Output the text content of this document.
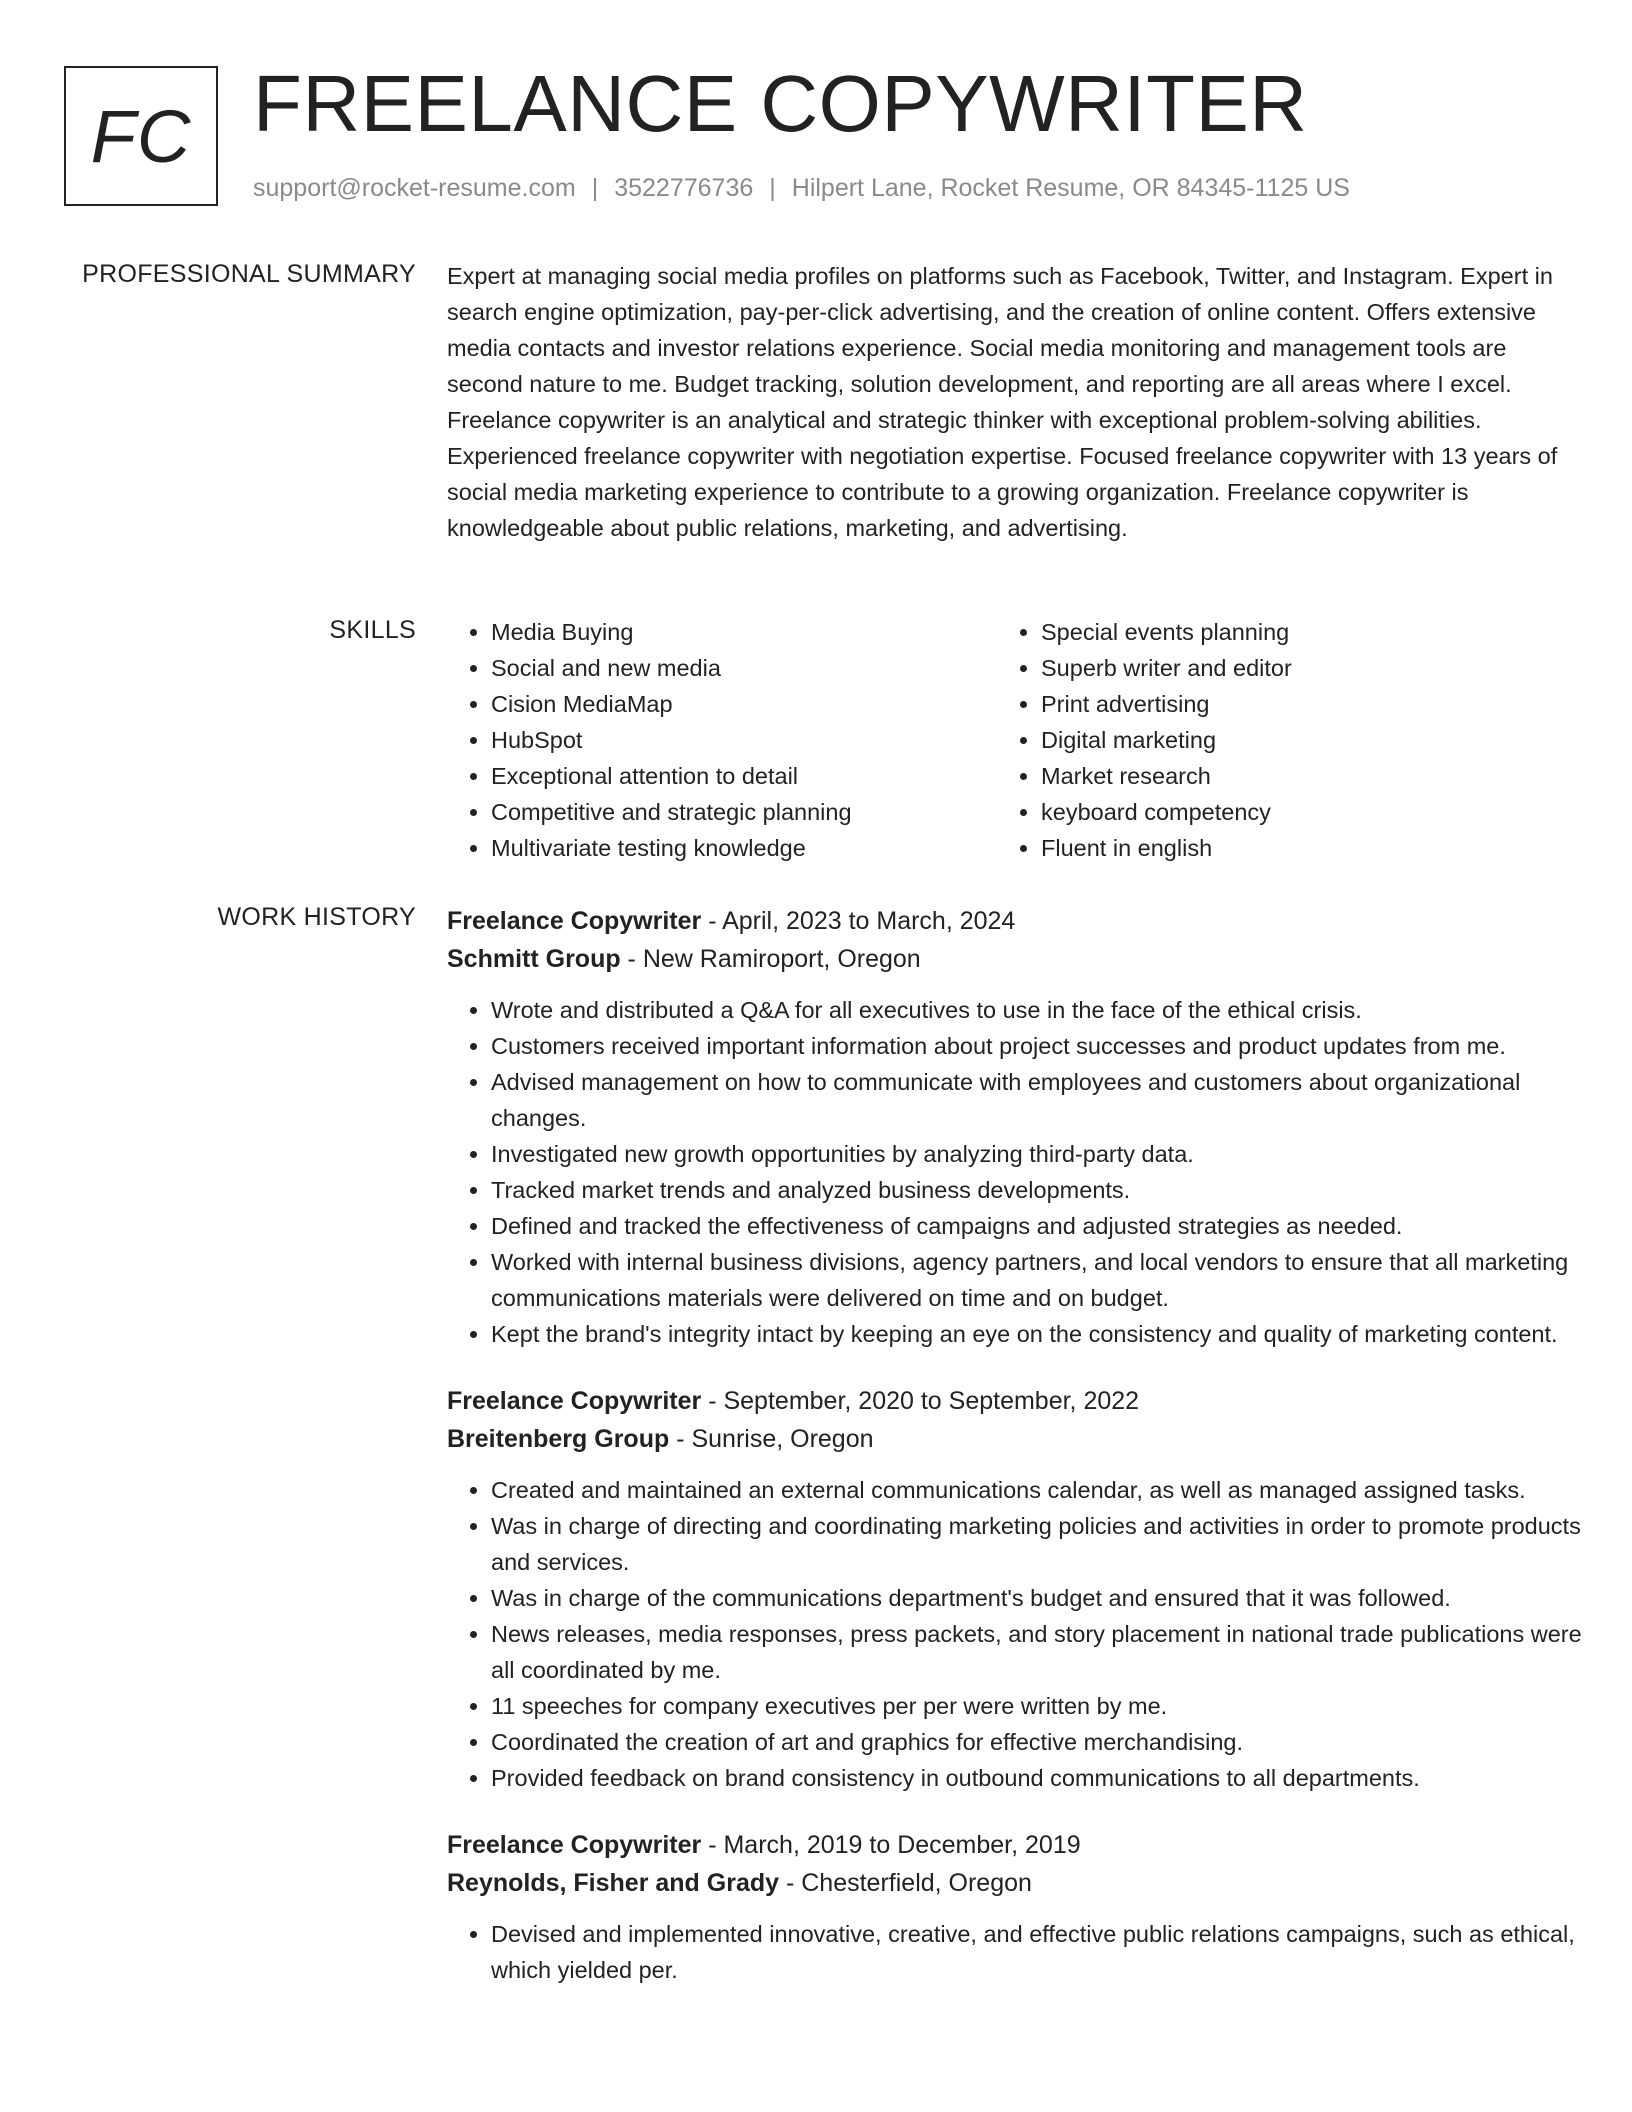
FC FREELANCE COPYWRITER
support@rocket-resume.com | 3522776736 | Hilpert Lane, Rocket Resume, OR 84345-1125 US
PROFESSIONAL SUMMARY Expert at managing social media profiles on platforms such as Facebook, Twitter, and Instagram. Expert in search engine optimization, pay-per-click advertising, and the creation of online content. Offers extensive media contacts and investor relations experience. Social media monitoring and management tools are second nature to me. Budget tracking, solution development, and reporting are all areas where I excel. Freelance copywriter is an analytical and strategic thinker with exceptional problem-solving abilities. Experienced freelance copywriter with negotiation expertise. Focused freelance copywriter with 13 years of social media marketing experience to contribute to a growing organization. Freelance copywriter is knowledgeable about public relations, marketing, and advertising.

SKILLS
•	Media Buying
• Social and new media
• Cision MediaMap
• HubSpot
• Exceptional attention to detail
• Competitive and strategic planning
• Multivariate testing knowledge
• Special events planning
• Superb writer and editor
• Print advertising
• Digital marketing
• Market research
• keyboard competency
• Fluent in english
WORK HISTORY Freelance Copywriter - April, 2023 to March, 2024
Schmitt Group - New Ramiroport, Oregon
• Wrote and distributed a Q&A for all executives to use in the face of the ethical crisis.
• Customers received important information about project successes and product updates from me.
• Advised management on how to communicate with employees and customers about organizational changes.
• Investigated new growth opportunities by analyzing third-party data.
• Tracked market trends and analyzed business developments.
• Defined and tracked the effectiveness of campaigns and adjusted strategies as needed.
• Worked with internal business divisions, agency partners, and local vendors to ensure that all marketing communications materials were delivered on time and on budget.
• Kept the brand's integrity intact by keeping an eye on the consistency and quality of marketing content.
Freelance Copywriter - September, 2020 to September, 2022
Breitenberg Group - Sunrise, Oregon
• Created and maintained an external communications calendar, as well as managed assigned tasks.
• Was in charge of directing and coordinating marketing policies and activities in order to promote products and services.
• Was in charge of the communications department's budget and ensured that it was followed.
• News releases, media responses, press packets, and story placement in national trade publications were all coordinated by me.
• 11 speeches for company executives per per were written by me.
• Coordinated the creation of art and graphics for effective merchandising.
• Provided feedback on brand consistency in outbound communications to all departments.
Freelance Copywriter - March, 2019 to December, 2019
Reynolds, Fisher and Grady - Chesterfield, Oregon
• Devised and implemented innovative, creative, and effective public relations campaigns, such as ethical, which yielded per.
